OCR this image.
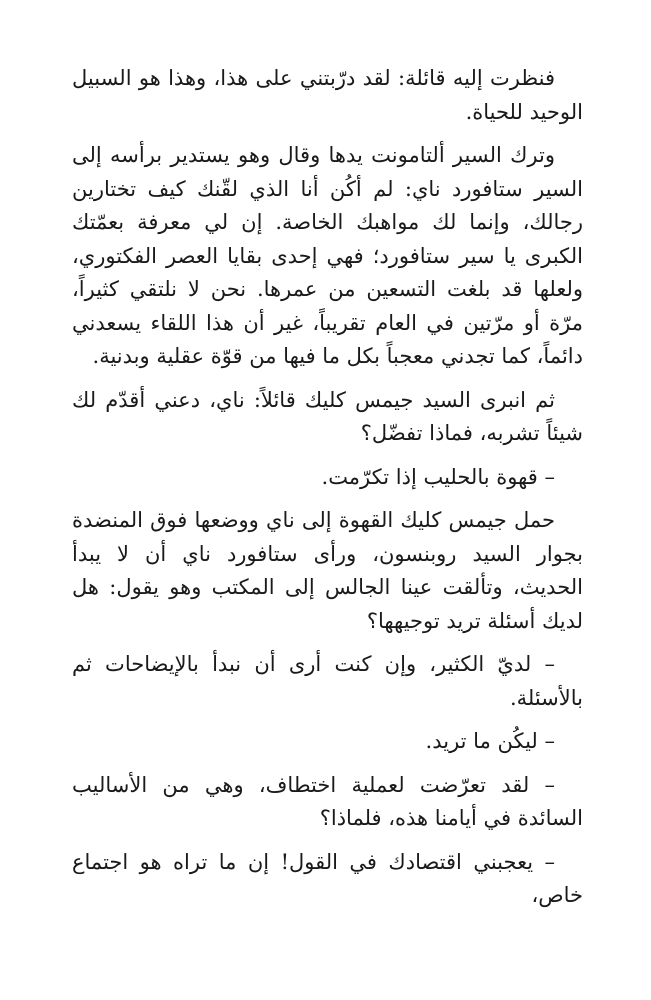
فنظرت إليه قائلة: لقد درّبتني على هذا، وهذا هو السبيل الوحيد للحياة.

وترك السير ألتامونت يدها وقال وهو يستدير برأسه إلى السير ستافورد ناي: لم أكُن أنا الذي لقّنك كيف تختارين رجالك، وإنما لك مواهبك الخاصة. إن لي معرفة بعمّتك الكبرى يا سير ستافورد؛ فهي إحدى بقايا العصر الفكتوري، ولعلها قد بلغت التسعين من عمرها. نحن لا نلتقي كثيراً، مرّة أو مرّتين في العام تقريباً، غير أن هذا اللقاء يسعدني دائماً، كما تجدني معجباً بكل ما فيها من قوّة عقلية وبدنية.

ثم انبرى السيد جيمس كليك قائلاً: ناي، دعني أقدّم لك شيئاً تشربه، فماذا تفضّل؟

– قهوة بالحليب إذا تكرّمت.

حمل جيمس كليك القهوة إلى ناي ووضعها فوق المنضدة بجوار السيد روبنسون، ورأى ستافورد ناي أن لا يبدأ الحديث، وتألقت عينا الجالس إلى المكتب وهو يقول: هل لديك أسئلة تريد توجيهها؟

– لديّ الكثير، وإن كنت أرى أن نبدأ بالإيضاحات ثم بالأسئلة.

– ليكُن ما تريد.

– لقد تعرّضت لعملية اختطاف، وهي من الأساليب السائدة في أيامنا هذه، فلماذا؟

– يعجبني اقتصادك في القول! إن ما تراه هو اجتماع خاص،
